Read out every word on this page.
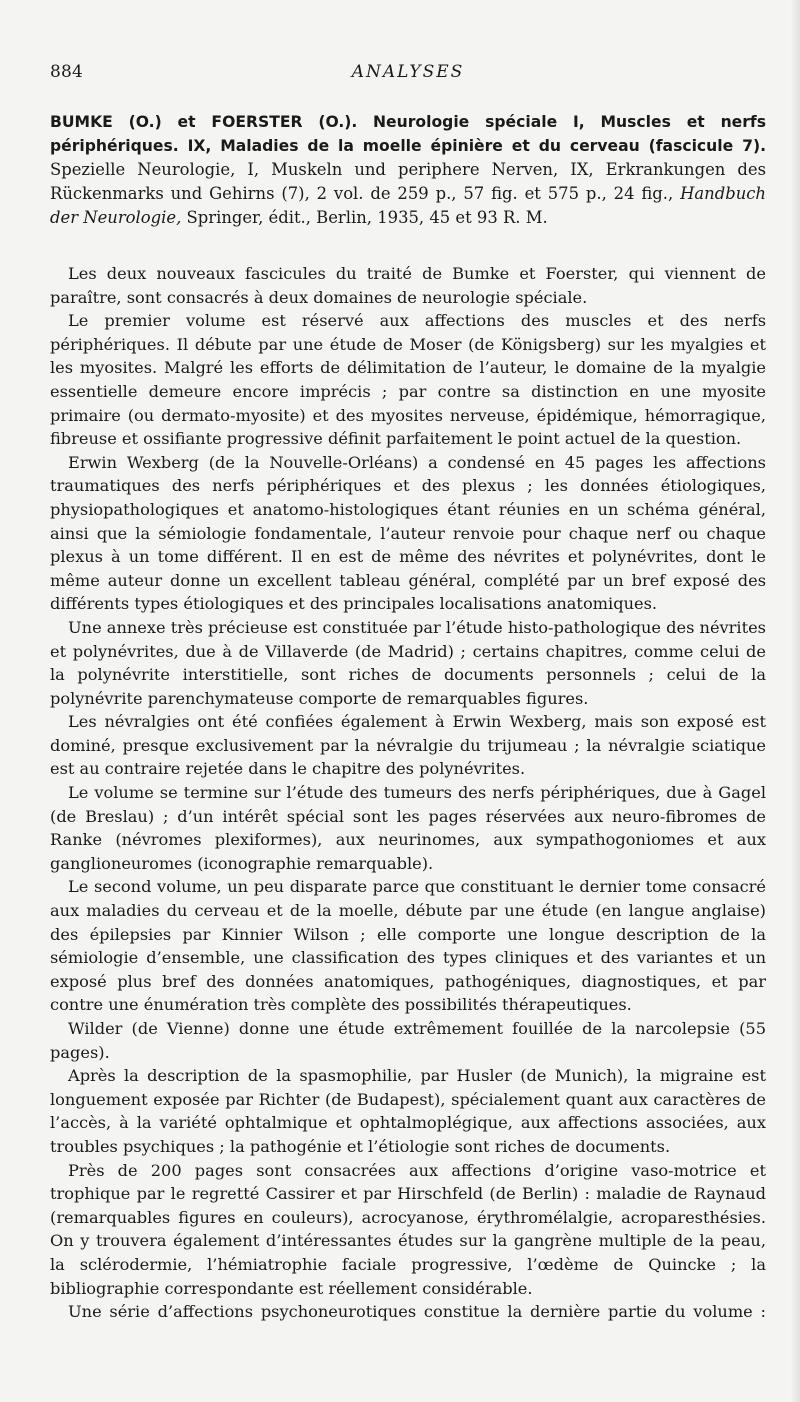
884	ANALYSES

BUMKE (O.) et FOERSTER (O.). Neurologie spéciale I, Muscles et nerfs périphériques. IX, Maladies de la moelle épinière et du cerveau (fascicule 7). Spezielle Neurologie, I, Muskeln und periphere Nerven, IX, Erkrankungen des Rückenmarks und Gehirns (7), 2 vol. de 259 p., 57 fig. et 575 p., 24 fig., Handbuch der Neurologie, Springer, édit., Berlin, 1935, 45 et 93 R. M.

Les deux nouveaux fascicules du traité de Bumke et Foerster, qui viennent de paraître, sont consacrés à deux domaines de neurologie spéciale.

Le premier volume est réservé aux affections des muscles et des nerfs périphériques. Il débute par une étude de Moser (de Königsberg) sur les myalgies et les myosites. Malgré les efforts de délimitation de l’auteur, le domaine de la myalgie essentielle demeure encore imprécis ; par contre sa distinction en une myosite primaire (ou dermato-myosite) et des myosites nerveuse, épidémique, hémorragique, fibreuse et ossifiante progressive définit parfaitement le point actuel de la question.

Erwin Wexberg (de la Nouvelle-Orléans) a condensé en 45 pages les affections traumatiques des nerfs périphériques et des plexus ; les données étiologiques, physiopathologiques et anatomo-histologiques étant réunies en un schéma général, ainsi que la sémiologie fondamentale, l’auteur renvoie pour chaque nerf ou chaque plexus à un tome différent. Il en est de même des névrites et polynévrites, dont le même auteur donne un excellent tableau général, complété par un bref exposé des différents types étiologiques et des principales localisations anatomiques.

Une annexe très précieuse est constituée par l’étude histo-pathologique des névrites et polynévrites, due à de Villaverde (de Madrid) ; certains chapitres, comme celui de la polynévrite interstitielle, sont riches de documents personnels ; celui de la polynévrite parenchymateuse comporte de remarquables figures.

Les névralgies ont été confiées également à Erwin Wexberg, mais son exposé est dominé, presque exclusivement par la névralgie du trijumeau ; la névralgie sciatique est au contraire rejetée dans le chapitre des polynévrites.

Le volume se termine sur l’étude des tumeurs des nerfs périphériques, due à Gagel (de Breslau) ; d’un intérêt spécial sont les pages réservées aux neuro-fibromes de Ranke (névromes plexiformes), aux neurinomes, aux sympathogoniomes et aux ganglioneuromes (iconographie remarquable).

Le second volume, un peu disparate parce que constituant le dernier tome consacré aux maladies du cerveau et de la moelle, débute par une étude (en langue anglaise) des épilepsies par Kinnier Wilson ; elle comporte une longue description de la sémiologie d’ensemble, une classification des types cliniques et des variantes et un exposé plus bref des données anatomiques, pathogéniques, diagnostiques, et par contre une énumération très complète des possibilités thérapeutiques.

Wilder (de Vienne) donne une étude extrêmement fouillée de la narcolepsie (55 pages).

Après la description de la spasmophilie, par Husler (de Munich), la migraine est longuement exposée par Richter (de Budapest), spécialement quant aux caractères de l’accès, à la variété ophtalmique et ophtalmoplégique, aux affections associées, aux troubles psychiques ; la pathogénie et l’étiologie sont riches de documents.

Près de 200 pages sont consacrées aux affections d’origine vaso-motrice et trophique par le regretté Cassirer et par Hirschfeld (de Berlin) : maladie de Raynaud (remarquables figures en couleurs), acrocyanose, érythromélalgie, acroparesthésies. On y trouvera également d’intéressantes études sur la gangrène multiple de la peau, la sclérodermie, l’hémiatrophie faciale progressive, l’œdème de Quincke ; la bibliographie correspondante est réellement considérable.

Une série d’affections psychoneurotiques constitue la dernière partie du volume :
